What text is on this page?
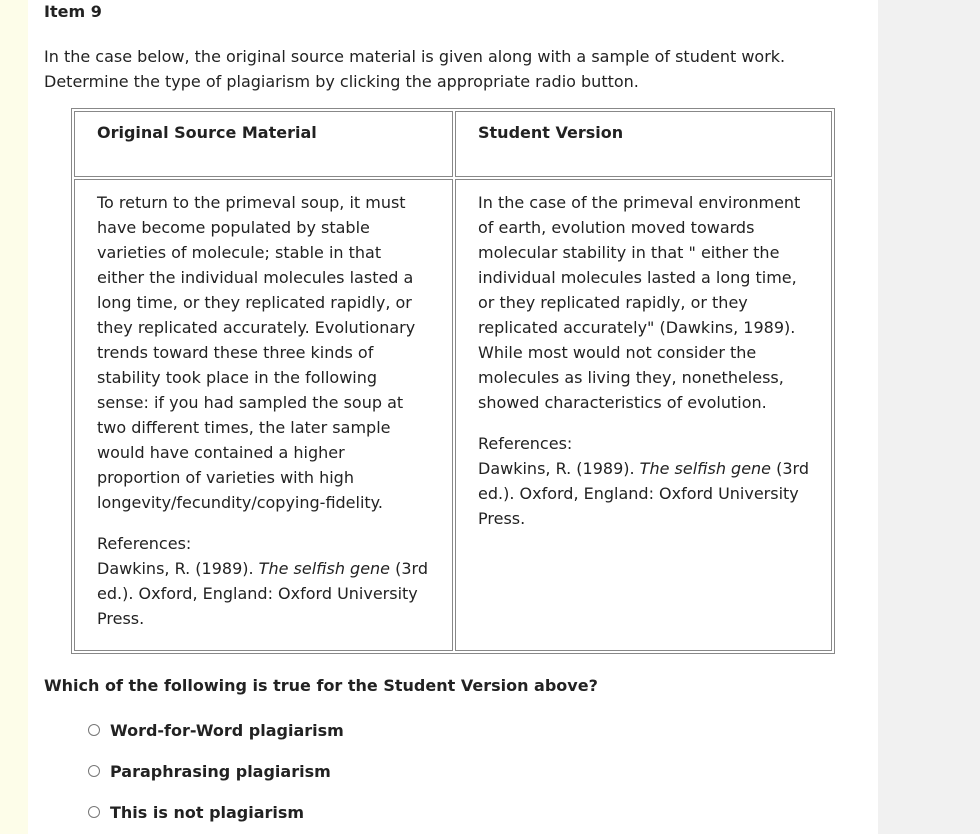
Item 9
In the case below, the original source material is given along with a sample of student work.
Determine the type of plagiarism by clicking the appropriate radio button.
Original Source Material	Student Version
To return to the primeval soup, it must have become populated by stable varieties of molecule; stable in that either the individual molecules lasted a long time, or they replicated rapidly, or they replicated accurately. Evolutionary trends toward these three kinds of stability took place in the following sense: if you had sampled the soup at two different times, the later sample would have contained a higher proportion of varieties with high longevity/fecundity/copying-fidelity.
References:
Dawkins, R. (1989). The selfish gene (3rd ed.). Oxford, England: Oxford University Press.
In the case of the primeval environment of earth, evolution moved towards molecular stability in that " either the individual molecules lasted a long time, or they replicated rapidly, or they replicated accurately" (Dawkins, 1989). While most would not consider the molecules as living they, nonetheless, showed characteristics of evolution.
References:
Dawkins, R. (1989). The selfish gene (3rd ed.). Oxford, England: Oxford University Press.
Which of the following is true for the Student Version above?
Word-for-Word plagiarism
Paraphrasing plagiarism
This is not plagiarism
